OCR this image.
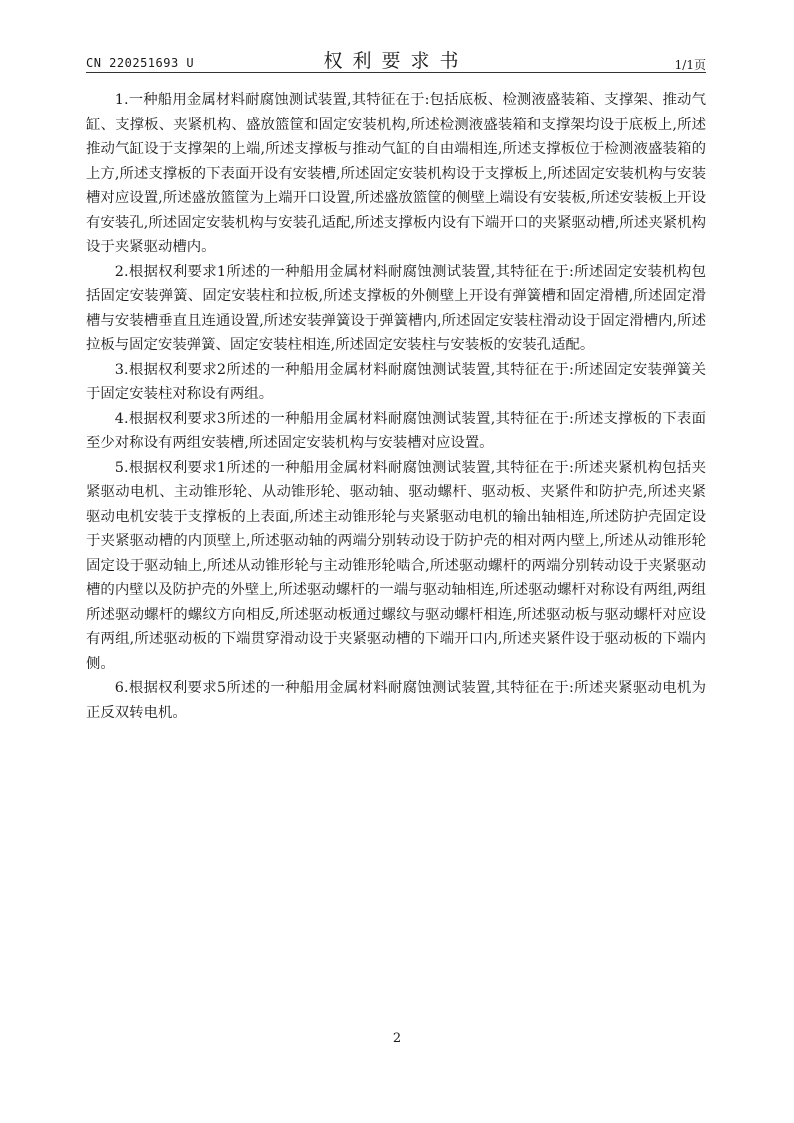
CN 220251693 U	权利要求书	1/1页

1.一种船用金属材料耐腐蚀测试装置,其特征在于:包括底板、检测液盛装箱、支撑架、推动气缸、支撑板、夹紧机构、盛放篮筐和固定安装机构,所述检测液盛装箱和支撑架均设于底板上,所述推动气缸设于支撑架的上端,所述支撑板与推动气缸的自由端相连,所述支撑板位于检测液盛装箱的上方,所述支撑板的下表面开设有安装槽,所述固定安装机构设于支撑板上,所述固定安装机构与安装槽对应设置,所述盛放篮筐为上端开口设置,所述盛放篮筐的侧壁上端设有安装板,所述安装板上开设有安装孔,所述固定安装机构与安装孔适配,所述支撑板内设有下端开口的夹紧驱动槽,所述夹紧机构设于夹紧驱动槽内。

2.根据权利要求1所述的一种船用金属材料耐腐蚀测试装置,其特征在于:所述固定安装机构包括固定安装弹簧、固定安装柱和拉板,所述支撑板的外侧壁上开设有弹簧槽和固定滑槽,所述固定滑槽与安装槽垂直且连通设置,所述安装弹簧设于弹簧槽内,所述固定安装柱滑动设于固定滑槽内,所述拉板与固定安装弹簧、固定安装柱相连,所述固定安装柱与安装板的安装孔适配。

3.根据权利要求2所述的一种船用金属材料耐腐蚀测试装置,其特征在于:所述固定安装弹簧关于固定安装柱对称设有两组。

4.根据权利要求3所述的一种船用金属材料耐腐蚀测试装置,其特征在于:所述支撑板的下表面至少对称设有两组安装槽,所述固定安装机构与安装槽对应设置。

5.根据权利要求1所述的一种船用金属材料耐腐蚀测试装置,其特征在于:所述夹紧机构包括夹紧驱动电机、主动锥形轮、从动锥形轮、驱动轴、驱动螺杆、驱动板、夹紧件和防护壳,所述夹紧驱动电机安装于支撑板的上表面,所述主动锥形轮与夹紧驱动电机的输出轴相连,所述防护壳固定设于夹紧驱动槽的内顶壁上,所述驱动轴的两端分别转动设于防护壳的相对两内壁上,所述从动锥形轮固定设于驱动轴上,所述从动锥形轮与主动锥形轮啮合,所述驱动螺杆的两端分别转动设于夹紧驱动槽的内壁以及防护壳的外壁上,所述驱动螺杆的一端与驱动轴相连,所述驱动螺杆对称设有两组,两组所述驱动螺杆的螺纹方向相反,所述驱动板通过螺纹与驱动螺杆相连,所述驱动板与驱动螺杆对应设有两组,所述驱动板的下端贯穿滑动设于夹紧驱动槽的下端开口内,所述夹紧件设于驱动板的下端内侧。

6.根据权利要求5所述的一种船用金属材料耐腐蚀测试装置,其特征在于:所述夹紧驱动电机为正反双转电机。

2
